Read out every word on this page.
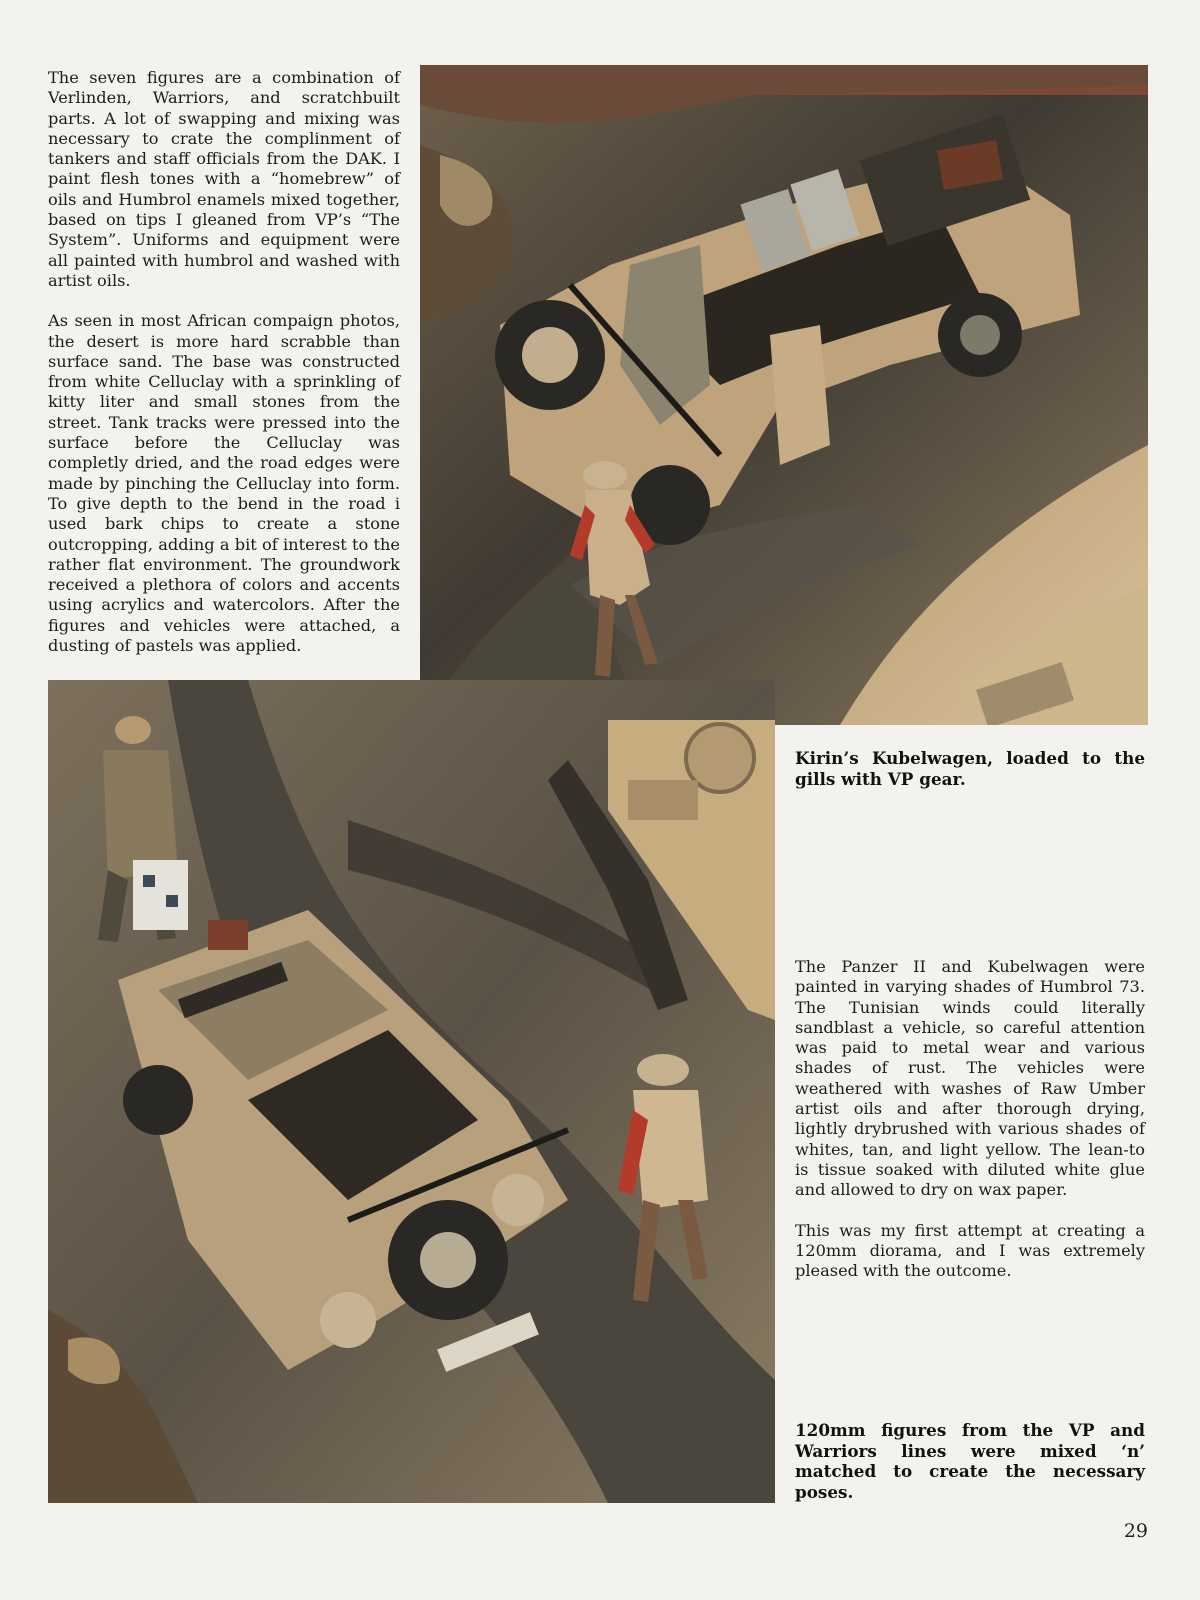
The seven figures are a combination of Verlinden, Warriors, and scratchbuilt parts. A lot of swapping and mixing was necessary to crate the complinment of tankers and staff officials from the DAK. I paint flesh tones with a “homebrew” of oils and Humbrol enamels mixed together, based on tips I gleaned from VP’s “The System”. Uniforms and equipment were all painted with humbrol and washed with artist oils.

As seen in most African compaign photos, the desert is more hard scrabble than surface sand. The base was constructed from white Celluclay with a sprinkling of kitty liter and small stones from the street. Tank tracks were pressed into the surface before the Celluclay was completly dried, and the road edges were made by pinching the Celluclay into form. To give depth to the bend in the road i used bark chips to create a stone outcropping, adding a bit of interest to the rather flat environment. The groundwork received a plethora of colors and accents using acrylics and watercolors. After the figures and vehicles were attached, a dusting of pastels was applied.

Kirin’s Kubelwagen, loaded to the gills with VP gear.

The Panzer II and Kubelwagen were painted in varying shades of Humbrol 73. The Tunisian winds could literally sandblast a vehicle, so careful attention was paid to metal wear and various shades of rust. The vehicles were weathered with washes of Raw Umber artist oils and after thorough drying, lightly drybrushed with various shades of whites, tan, and light yellow. The lean-to is tissue soaked with diluted white glue and allowed to dry on wax paper.

This was my first attempt at creating a 120mm diorama, and I was extremely pleased with the outcome.

120mm figures from the VP and Warriors lines were mixed ‘n’ matched to create the necessary poses.

29
